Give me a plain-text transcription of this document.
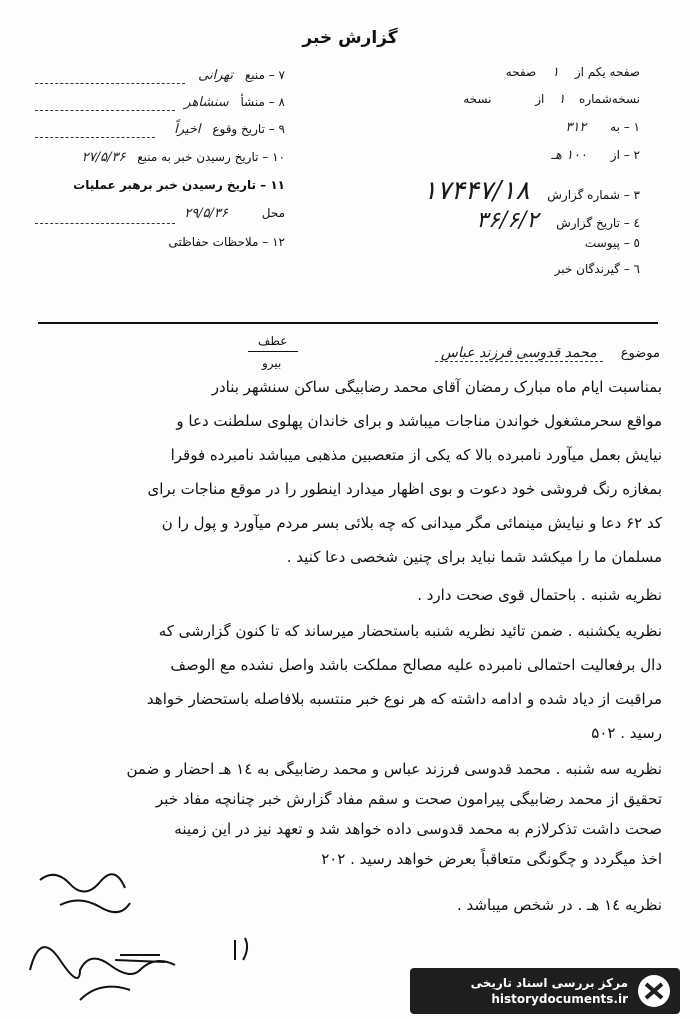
گزارش خبر
۷ – منبع تهرانی
۸ – منشأ سنشاهر
۹ – تاریخ وقوع اخیراً
۱۰ – تاریخ رسیدن خبر به منبع ۲۷/۵/۳۶
۱۱ – تاریخ رسیدن خبر برهبر عملیات
محل ۲۹/۵/۳۶
۱۲ – ملاحظات حفاظتی
صفحه یکم از ۱ صفحه
نسخه‌شماره ۱ از نسخه
۱ – به ۳۱۲
۲ – از ۱۰۰ هـ
۳ – شماره گزارش ۱۷۴۴۷/۱۸
٤ – تاریخ گزارش ۳۶/۶/۲
٥ – پیوست
٦ – گیرندگان خبر
عطف
بیرو
موضوع محمد قدوسی فرزند عباس
بمناسبت ایام ماه مبارک رمضان آقای محمد رضابیگی ساکن سنشهر بنادر
مواقع سحرمشغول خواندن مناجات میباشد و برای خاندان پهلوی سلطنت دعا و
نیایش بعمل میآورد نامبرده بالا که یکی از متعصبین مذهبی میباشد نامبرده فوقرا
بمغازه رنگ فروشی خود دعوت و بوی اظهار میدارد اینطور را در موقع مناجات برای
کد ۶۲ دعا و نیایش مینمائی مگر میدانی که چه بلائی بسر مردم میآورد و پول را ن
مسلمان ما را میکشد شما نباید برای چنین شخصی دعا کنید .
نظریه شنبه . باحتمال قوی صحت دارد .
نظریه یکشنبه . ضمن تائید نظریه شنبه باستحضار میرساند که تا کنون گزارشی که
دال برفعالیت احتمالی نامبرده علیه مصالح مملکت باشد واصل نشده مع الوصف
مراقبت از دیاد شده و ادامه داشته که هر نوع خبر منتسبه بلافاصله باستحضار خواهد
رسید . ۵۰۲
نظریه سه شنبه . محمد قدوسی فرزند عباس و محمد رضابیگی به ۱٤ هـ احضار و ضمن
تحقیق از محمد رضابیگی پیرامون صحت و سقم مفاد گزارش خبر چنانچه مفاد خبر
صحت داشت تذکرلازم به محمد قدوسی داده خواهد شد و تعهد نیز در این زمینه
اخذ میگردد و چگونگی متعاقباً بعرض خواهد رسید . ۲۰۲
نظریه ۱٤ هـ . در شخص میباشد .
مرکز بررسی اسناد تاریخی
historydocuments.ir
